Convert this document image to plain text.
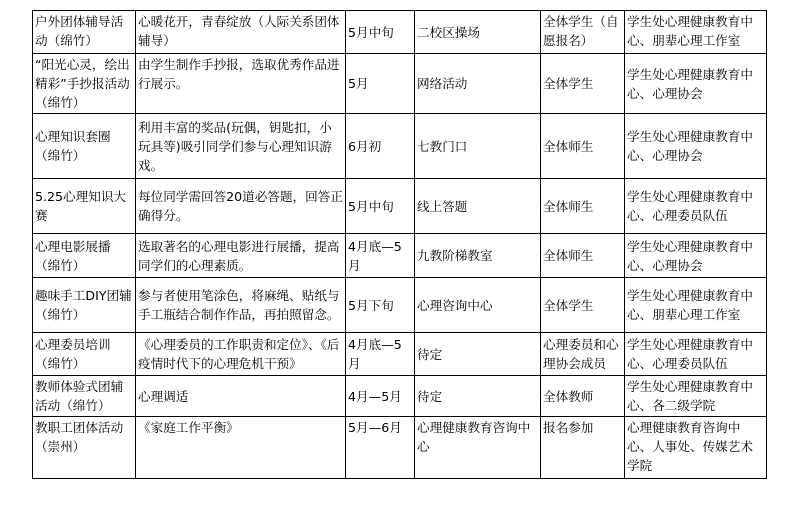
户外团体辅导活动（绵竹）	心暖花开，青春绽放（人际关系团体辅导）	5月中旬	二校区操场	全体学生（自愿报名）	学生处心理健康教育中心、朋辈心理工作室
“阳光心灵，绘出精彩”手抄报活动（绵竹）	由学生制作手抄报，选取优秀作品进行展示。	5月	网络活动	全体学生	学生处心理健康教育中心、心理协会
心理知识套圈（绵竹）	利用丰富的奖品(玩偶，钥匙扣，小玩具等)吸引同学们参与心理知识游戏。	6月初	七教门口	全体师生	学生处心理健康教育中心、心理协会
5.25心理知识大赛	每位同学需回答20道必答题，回答正确得分。	5月中旬	线上答题	全体师生	学生处心理健康教育中心、心理委员队伍
心理电影展播（绵竹）	选取著名的心理电影进行展播，提高同学们的心理素质。	4月底—5月	九教阶梯教室	全体师生	学生处心理健康教育中心、心理协会
趣味手工DIY团辅（绵竹）	参与者使用笔涂色，将麻绳、贴纸与手工瓶结合制作作品，再拍照留念。	5月下旬	心理咨询中心	全体学生	学生处心理健康教育中心、朋辈心理工作室
心理委员培训（绵竹）	《心理委员的工作职责和定位》、《后疫情时代下的心理危机干预》	4月底—5月	待定	心理委员和心理协会成员	学生处心理健康教育中心、心理委员队伍
教师体验式团辅活动（绵竹）	心理调适	4月—5月	待定	全体教师	学生处心理健康教育中心、各二级学院
教职工团体活动（崇州）	《家庭工作平衡》	5月—6月	心理健康教育咨询中心	报名参加	心理健康教育咨询中心、人事处、传媒艺术学院
